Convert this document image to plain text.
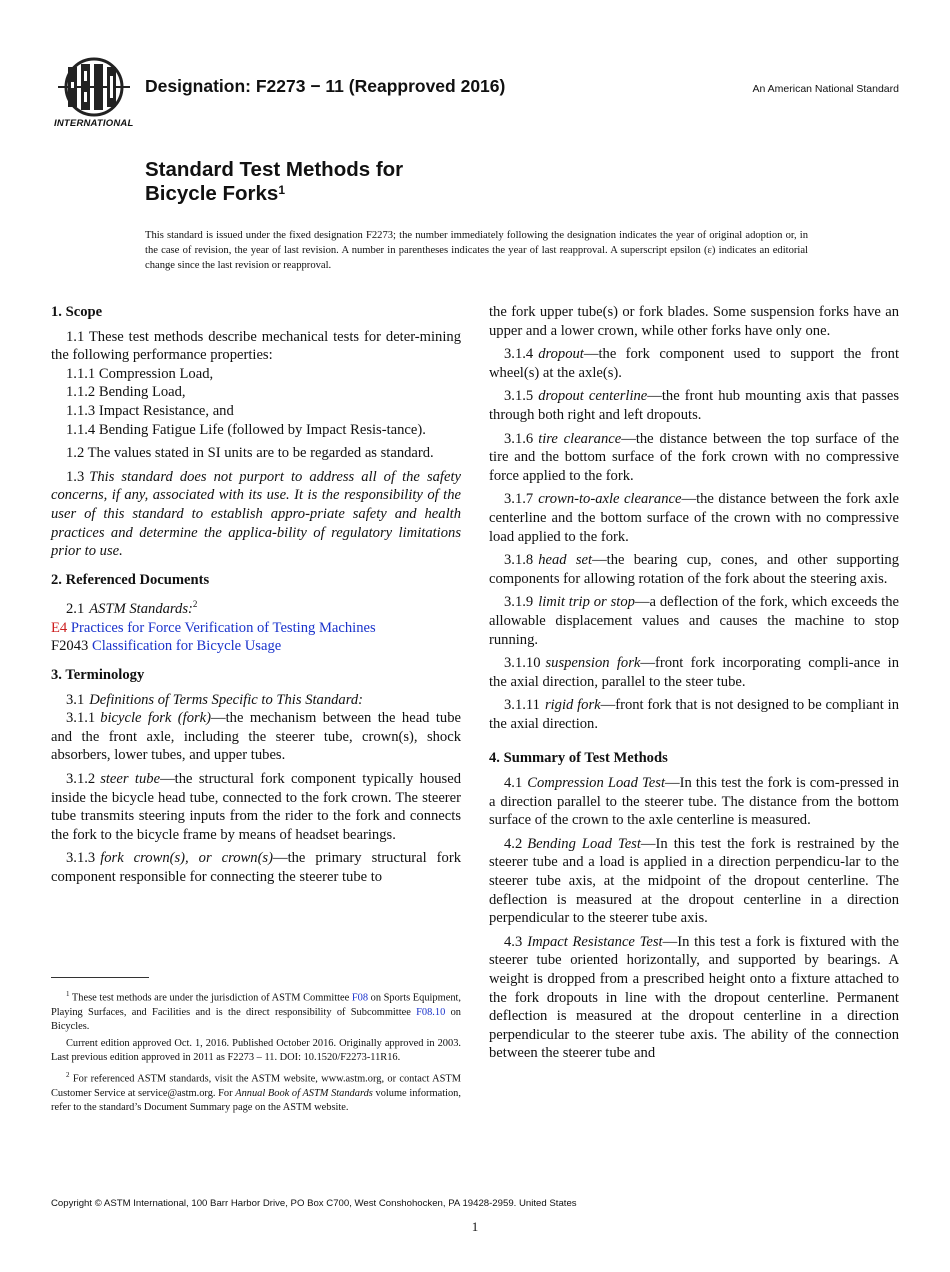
INTERNATIONAL
Designation: F2273 − 11 (Reapproved 2016)	An American National Standard
Standard Test Methods for
Bicycle Forks$^1$
This standard is issued under the fixed designation F2273; the number immediately following the designation indicates the year of original adoption or, in the case of revision, the year of last revision. A number in parentheses indicates the year of last reapproval. A superscript epsilon (ε) indicates an editorial change since the last revision or reapproval.
1. Scope

1.1 These test methods describe mechanical tests for deter-mining the following performance properties:

1.1.1 Compression Load,

1.1.2 Bending Load,

1.1.3 Impact Resistance, and

1.1.4 Bending Fatigue Life (followed by Impact Resis-tance).

1.2 The values stated in SI units are to be regarded as standard.

1.3 This standard does not purport to address all of the safety concerns, if any, associated with its use. It is the responsibility of the user of this standard to establish appro-priate safety and health practices and determine the applica-bility of regulatory limitations prior to use.

2. Referenced Documents

2.1 ASTM Standards:$^2$

E4 Practices for Force Verification of Testing Machines

F2043 Classification for Bicycle Usage

3. Terminology

3.1 Definitions of Terms Specific to This Standard:

3.1.1 bicycle fork (fork)—the mechanism between the head tube and the front axle, including the steerer tube, crown(s), shock absorbers, lower tubes, and upper tubes.

3.1.2 steer tube—the structural fork component typically housed inside the bicycle head tube, connected to the fork crown. The steerer tube transmits steering inputs from the rider to the fork and connects the fork to the bicycle frame by means of headset bearings.

3.1.3 fork crown(s), or crown(s)—the primary structural fork component responsible for connecting the steerer tube to

$^1$ These test methods are under the jurisdiction of ASTM Committee F08 on Sports Equipment, Playing Surfaces, and Facilities and is the direct responsibility of Subcommittee F08.10 on Bicycles.

Current edition approved Oct. 1, 2016. Published October 2016. Originally approved in 2003. Last previous edition approved in 2011 as F2273 – 11. DOI: 10.1520/F2273-11R16.

$^2$ For referenced ASTM standards, visit the ASTM website, www.astm.org, or contact ASTM Customer Service at service@astm.org. For Annual Book of ASTM Standards volume information, refer to the standard’s Document Summary page on the ASTM website.

the fork upper tube(s) or fork blades. Some suspension forks have an upper and a lower crown, while other forks have only one.

3.1.4 dropout—the fork component used to support the front wheel(s) at the axle(s).

3.1.5 dropout centerline—the front hub mounting axis that passes through both right and left dropouts.

3.1.6 tire clearance—the distance between the top surface of the tire and the bottom surface of the fork crown with no compressive force applied to the fork.

3.1.7 crown-to-axle clearance—the distance between the fork axle centerline and the bottom surface of the crown with no compressive load applied to the fork.

3.1.8 head set—the bearing cup, cones, and other supporting components for allowing rotation of the fork about the steering axis.

3.1.9 limit trip or stop—a deflection of the fork, which exceeds the allowable displacement values and causes the machine to stop running.

3.1.10 suspension fork—front fork incorporating compli-ance in the axial direction, parallel to the steer tube.

3.1.11 rigid fork—front fork that is not designed to be compliant in the axial direction.

4. Summary of Test Methods

4.1 Compression Load Test—In this test the fork is com-pressed in a direction parallel to the steerer tube. The distance from the bottom surface of the crown to the axle centerline is measured.

4.2 Bending Load Test—In this test the fork is restrained by the steerer tube and a load is applied in a direction perpendicu-lar to the steerer tube axis, at the midpoint of the dropout centerline. The deflection is measured at the dropout centerline in a direction perpendicular to the steerer tube axis.

4.3 Impact Resistance Test—In this test a fork is fixtured with the steerer tube oriented horizontally, and supported by bearings. A weight is dropped from a prescribed height onto a fixture attached to the fork dropouts in line with the dropout centerline. Permanent deflection is measured at the dropout centerline in a direction perpendicular to the steerer tube axis. The ability of the connection between the steerer tube and

Copyright © ASTM International, 100 Barr Harbor Drive, PO Box C700, West Conshohocken, PA 19428-2959. United States
1
